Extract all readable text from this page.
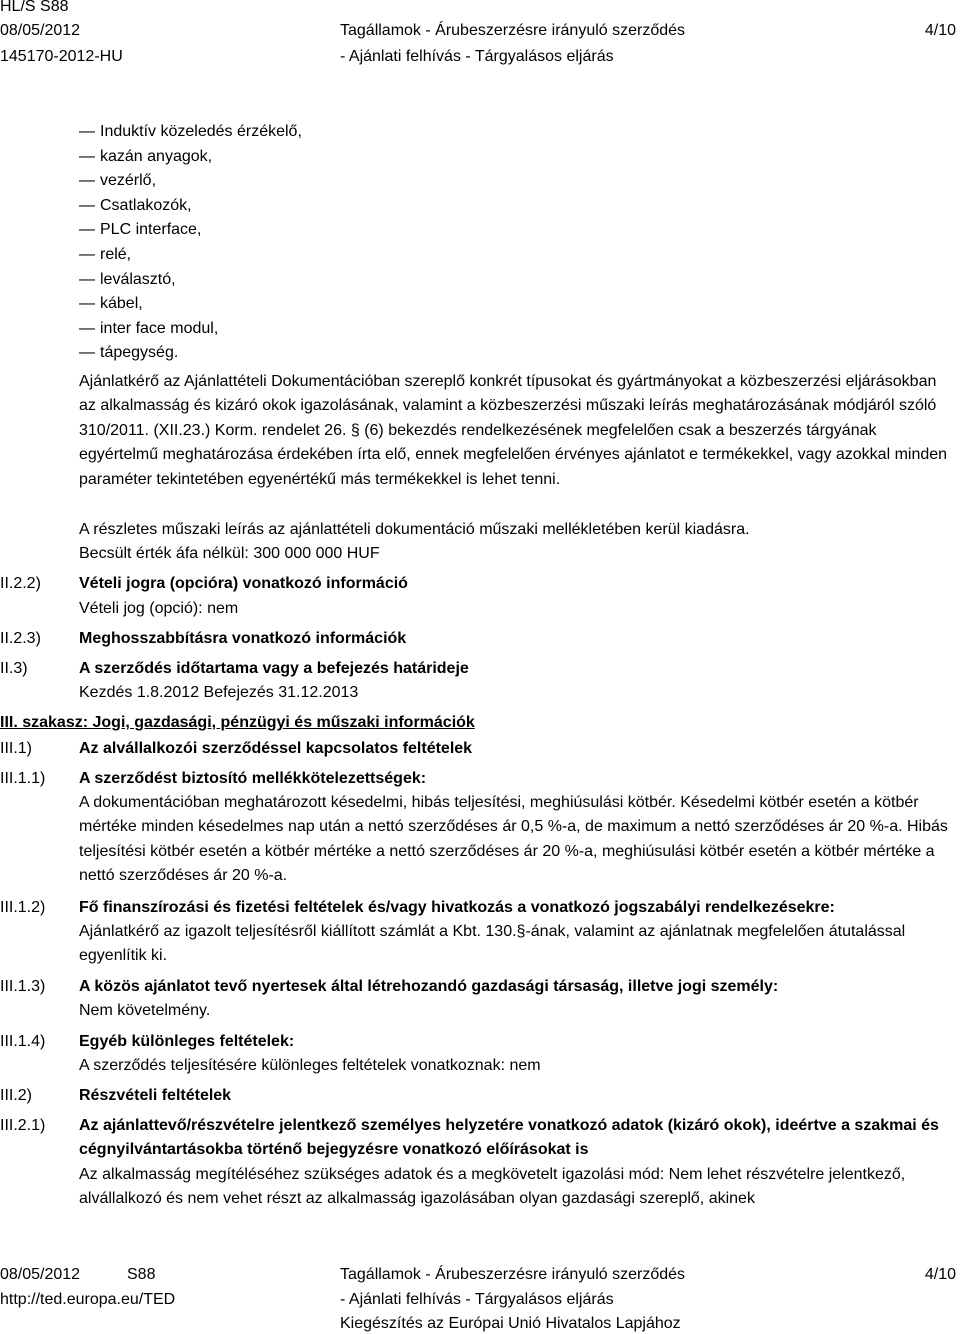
HL/S S88
08/05/2012
145170-2012-HU
Tagállamok - Árubeszerzésre irányuló szerződés
- Ajánlati felhívás - Tárgyalásos eljárás
4/10
— Induktív közeledés érzékelő,
— kazán anyagok,
— vezérlő,
— Csatlakozók,
— PLC interface,
— relé,
— leválasztó,
— kábel,
— inter face modul,
— tápegység.
Ajánlatkérő az Ajánlattételi Dokumentációban szereplő konkrét típusokat és gyártmányokat a közbeszerzési eljárásokban az alkalmasság és kizáró okok igazolásának, valamint a közbeszerzési műszaki leírás meghatározásának módjáról szóló 310/2011. (XII.23.) Korm. rendelet 26. § (6) bekezdés rendelkezésének megfelelően csak a beszerzés tárgyának egyértelmű meghatározása érdekében írta elő, ennek megfelelően érvényes ajánlatot e termékekkel, vagy azokkal minden paraméter tekintetében egyenértékű más termékekkel is lehet tenni.
A részletes műszaki leírás az ajánlattételi dokumentáció műszaki mellékletében kerül kiadásra.
Becsült érték áfa nélkül: 300 000 000 HUF
II.2.2) Vételi jogra (opcióra) vonatkozó információ
Vételi jog (opció): nem
II.2.3) Meghosszabbításra vonatkozó információk
II.3)	A szerződés időtartama vagy a befejezés határideje
Kezdés 1.8.2012 Befejezés 31.12.2013
III. szakasz: Jogi, gazdasági, pénzügyi és műszaki információk
III.1)	Az alvállalkozói szerződéssel kapcsolatos feltételek
III.1.1) A szerződést biztosító mellékkötelezettségek:
A dokumentációban meghatározott késedelmi, hibás teljesítési, meghiúsulási kötbér. Késedelmi kötbér esetén a kötbér mértéke minden késedelmes nap után a nettó szerződéses ár 0,5 %-a, de maximum a nettó szerződéses ár 20 %-a. Hibás teljesítési kötbér esetén a kötbér mértéke a nettó szerződéses ár 20 %-a, meghiúsulási kötbér esetén a kötbér mértéke a nettó szerződéses ár 20 %-a.
III.1.2) Fő finanszírozási és fizetési feltételek és/vagy hivatkozás a vonatkozó jogszabályi rendelkezésekre:
Ajánlatkérő az igazolt teljesítésről kiállított számlát a Kbt. 130.§-ának, valamint az ajánlatnak megfelelően átutalással egyenlítik ki.
III.1.3) A közös ajánlatot tevő nyertesek által létrehozandó gazdasági társaság, illetve jogi személy:
Nem követelmény.
III.1.4) Egyéb különleges feltételek:
A szerződés teljesítésére különleges feltételek vonatkoznak: nem
III.2)	Részvételi feltételek
III.2.1) Az ajánlattevő/részvételre jelentkező személyes helyzetére vonatkozó adatok (kizáró okok), ideértve a szakmai és cégnyilvántartásokba történő bejegyzésre vonatkozó előírásokat is
Az alkalmasság megítéléséhez szükséges adatok és a megkövetelt igazolási mód: Nem lehet részvételre jelentkező, alvállalkozó és nem vehet részt az alkalmasság igazolásában olyan gazdasági szereplő, akinek
08/05/2012	S88
http://ted.europa.eu/TED
Tagállamok - Árubeszerzésre irányuló szerződés
- Ajánlati felhívás - Tárgyalásos eljárás
Kiegészítés az Európai Unió Hivatalos Lapjához
4/10
